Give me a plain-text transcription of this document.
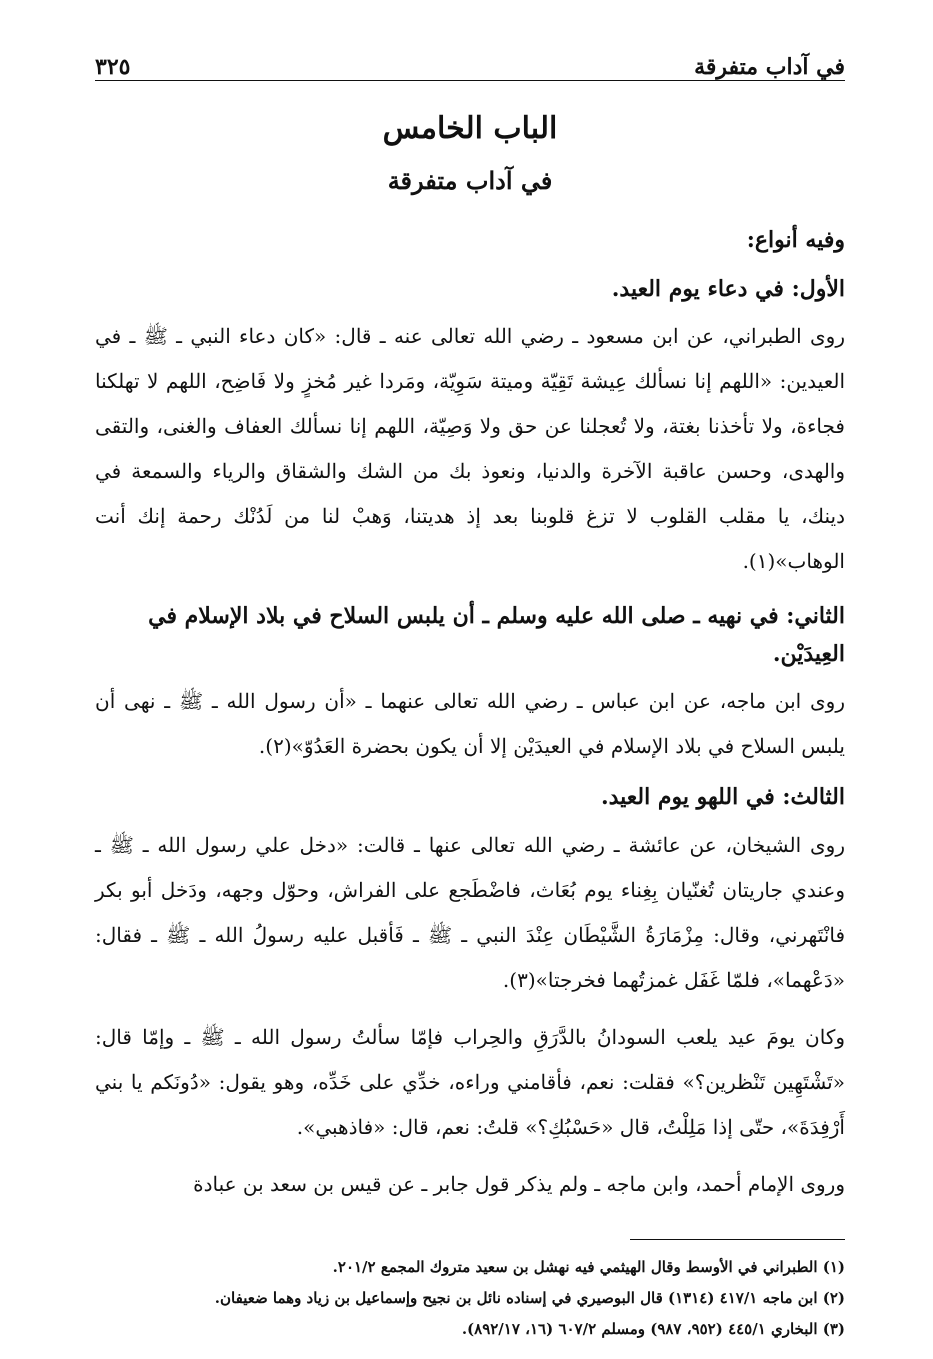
في آداب متفرقة
٣٢٥
الباب الخامس
في آداب متفرقة
وفيه أنواع:
الأول: في دعاء يوم العيد.

روى الطبراني، عن ابن مسعود ـ رضي الله تعالى عنه ـ قال: «كان دعاء النبي ـ ﷺ ـ في العيدين: «اللهم إنا نسألك عِيشة تَقِيّة وميتة سَوِيّة، ومَردا غير مُخزٍ ولا فَاضِح، اللهم لا تهلكنا فجاءة، ولا تأخذنا بغتة، ولا تُعجلنا عن حق ولا وَصِيّة، اللهم إنا نسألك العفاف والغنى، والتقى والهدى، وحسن عاقبة الآخرة والدنيا، ونعوذ بك من الشك والشقاق والرياء والسمعة في دينك، يا مقلب القلوب لا تزغ قلوبنا بعد إذ هديتنا، وَهبْ لنا من لَدُنْك رحمة إنك أنت الوهاب»(١).

الثاني: في نهيه ـ صلى الله عليه وسلم ـ أن يلبس السلاح في بلاد الإسلام في العِيدَيْن.

روى ابن ماجه، عن ابن عباس ـ رضي الله تعالى عنهما ـ «أن رسول الله ـ ﷺ ـ نهى أن يلبس السلاح في بلاد الإسلام في العيدَيْن إلا أن يكون بحضرة العَدُوّ»(٢).

الثالث: في اللهو يوم العيد.

روى الشيخان، عن عائشة ـ رضي الله تعالى عنها ـ قالت: «دخل علي رسول الله ـ ﷺ ـ وعندي جاريتان تُغنّيان بِغِناء يوم بُعَاث، فاضْطَجع على الفراش، وحوّل وجهه، ودَخل أبو بكر فانْتَهرني، وقال: مِزْمَارَةُ الشَّيْطَان عِنْدَ النبي ـ ﷺ ـ فَأقبل عليه رسولُ الله ـ ﷺ ـ فقال: «دَعْهما»، فلمّا غَفَل غمزتُهما فخرجتا»(٣).

وكان يومَ عيد يلعب السودانُ بالدَّرَقِ والحِراب فإمّا سألتُ رسول الله ـ ﷺ ـ وإمّا قال: «تَشْتَهِين تَنْظرين؟» فقلت: نعم، فأقامني وراءه، خدِّي على خَدِّه، وهو يقول: «دُونَكم يا بني أَرْفِدَةَ»، حتّى إذا مَلِلْتُ، قال «حَسْبُكِ؟» قلتُ: نعم، قال: «فاذهبي».

وروى الإمام أحمد، وابن ماجه ـ ولم يذكر قول جابر ـ عن قيس بن سعد بن عبادة

(١) الطبراني في الأوسط وقال الهيثمي فيه نهشل بن سعيد متروك المجمع ٢٠١/٢.
(٢) ابن ماجه ٤١٧/١ (١٣١٤) قال البوصيري في إسناده نائل بن نجيح وإسماعيل بن زياد وهما ضعيفان.
(٣) البخاري ٤٤٥/١ (٩٥٢، ٩٨٧) ومسلم ٦٠٧/٢ (١٦، ٨٩٢/١٧).
